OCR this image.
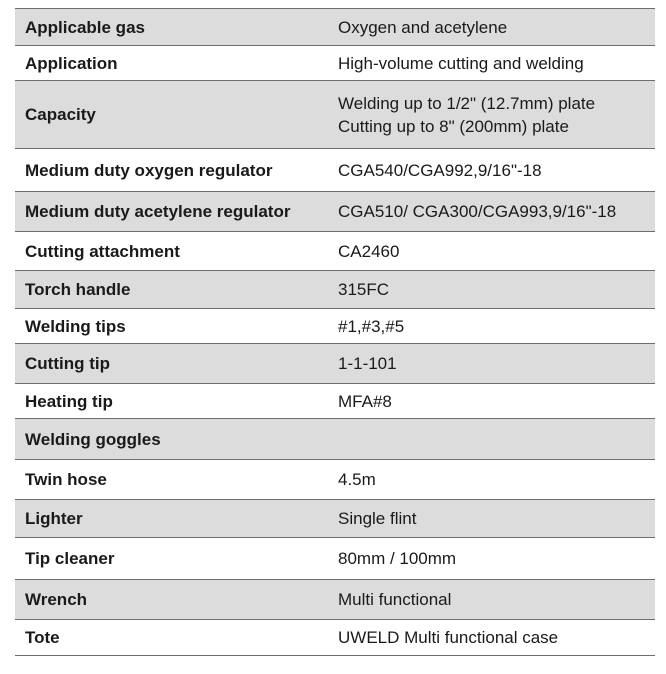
Applicable gas	Oxygen and acetylene
Application	High-volume cutting and welding
Capacity	Welding up to 1/2" (12.7mm) plate
Cutting up to 8" (200mm) plate

Medium duty oxygen regulator	CGA540/CGA992,9/16"-18
Medium duty acetylene regulator	CGA510/ CGA300/CGA993,9/16"-18
Cutting attachment	CA2460
Torch handle	315FC
Welding tips	#1,#3,#5
Cutting tip	1-1-101
Heating tip	MFA#8
Welding goggles	
Twin hose	4.5m
Lighter	Single flint
Tip cleaner	80mm / 100mm
Wrench	Multi functional
Tote	UWELD Multi functional case
